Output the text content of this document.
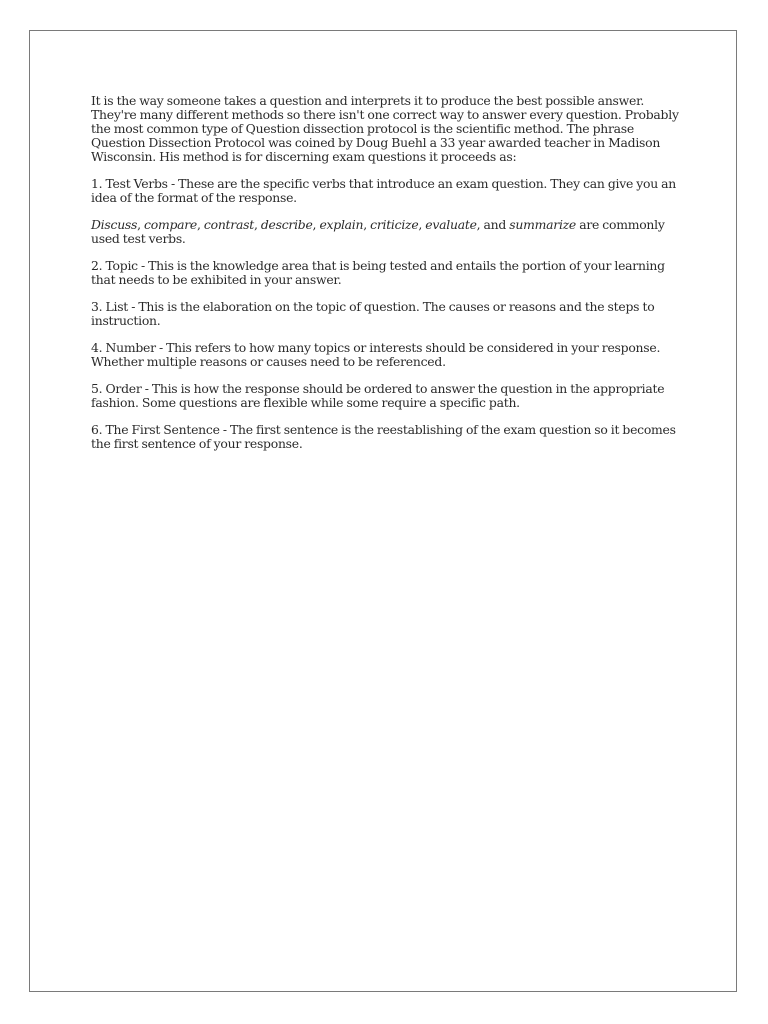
It is the way someone takes a question and interprets it to produce the best possible answer. They're many different methods so there isn't one correct way to answer every question. Probably the most common type of Question dissection protocol is the scientific method. The phrase Question Dissection Protocol was coined by Doug Buehl a 33 year awarded teacher in Madison Wisconsin. His method is for discerning exam questions it proceeds as:

1. Test Verbs - These are the specific verbs that introduce an exam question. They can give you an idea of the format of the response.

Discuss, compare, contrast, describe, explain, criticize, evaluate, and summarize are commonly used test verbs.

2. Topic - This is the knowledge area that is being tested and entails the portion of your learning that needs to be exhibited in your answer.

3. List - This is the elaboration on the topic of question. The causes or reasons and the steps to instruction.

4. Number - This refers to how many topics or interests should be considered in your response. Whether multiple reasons or causes need to be referenced.

5. Order - This is how the response should be ordered to answer the question in the appropriate fashion. Some questions are flexible while some require a specific path.

6. The First Sentence - The first sentence is the reestablishing of the exam question so it becomes the first sentence of your response.
